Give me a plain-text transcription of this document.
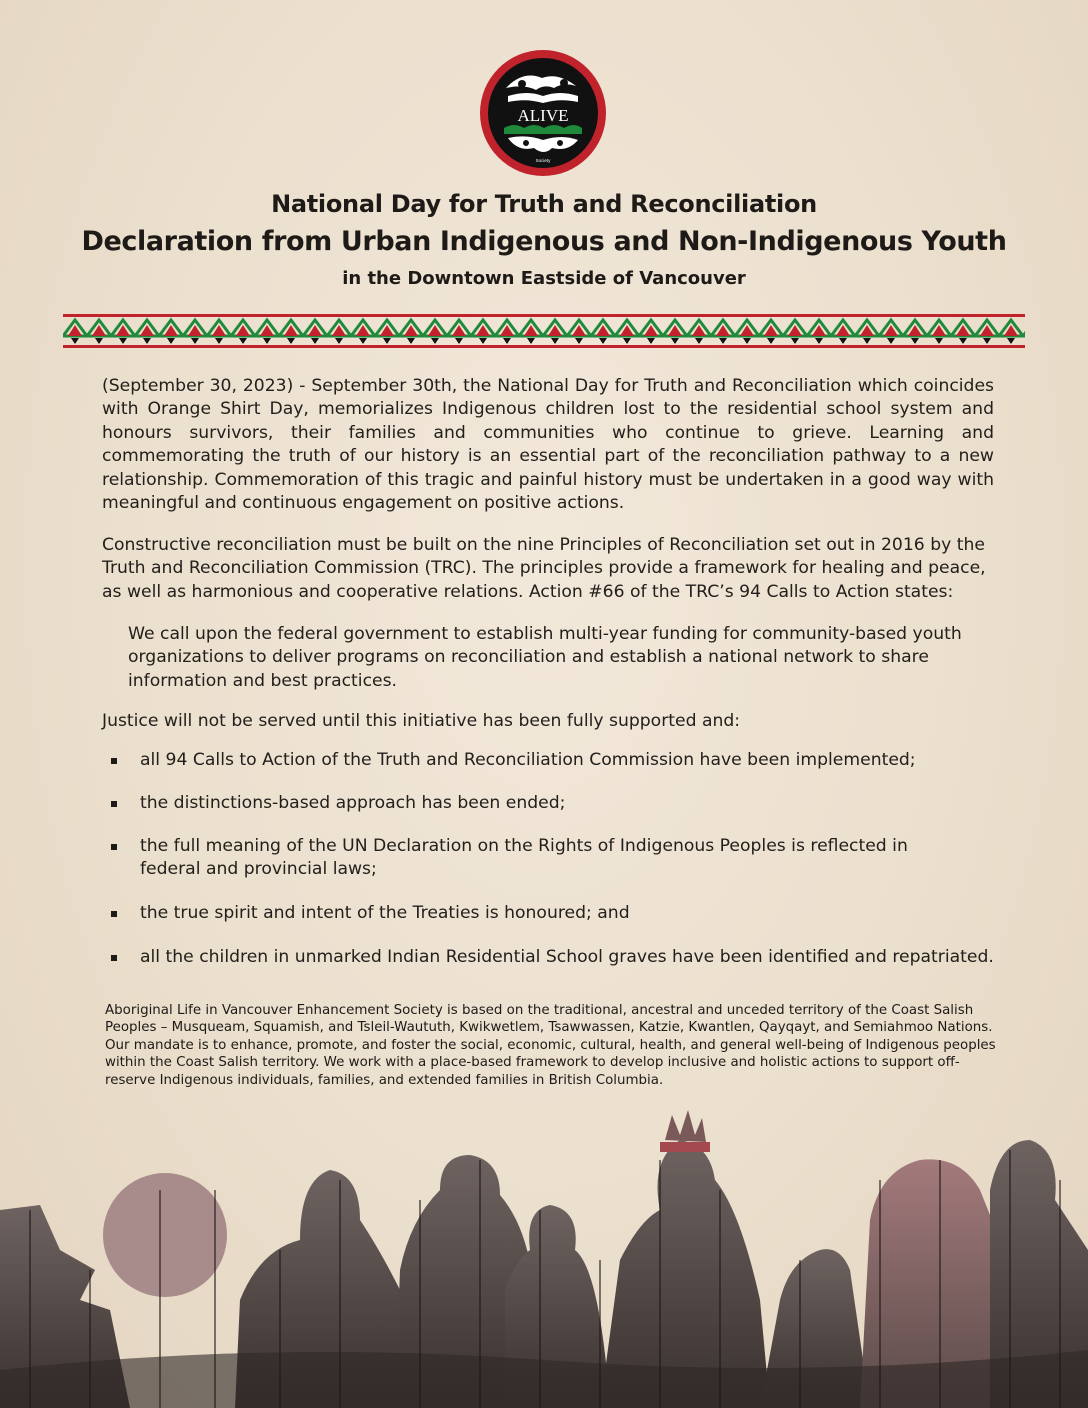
Aboriginal Life in Vancouver Enhancement
ALIVE
Society
National Day for Truth and Reconciliation
Declaration from Urban Indigenous and Non-Indigenous Youth
in the Downtown Eastside of Vancouver
(September 30, 2023) - September 30th, the National Day for Truth and Reconciliation which coincides with Orange Shirt Day, memorializes Indigenous children lost to the residential school system and honours survivors, their families and communities who continue to grieve. Learning and commemorating the truth of our history is an essential part of the reconciliation pathway to a new relationship. Commemoration of this tragic and painful history must be undertaken in a good way with meaningful and continuous engagement on positive actions.
Constructive reconciliation must be built on the nine Principles of Reconciliation set out in 2016 by the Truth and Reconciliation Commission (TRC). The principles provide a framework for healing and peace, as well as harmonious and cooperative relations. Action #66 of the TRC’s 94 Calls to Action states:
We call upon the federal government to establish multi-year funding for community-based youth organizations to deliver programs on reconciliation and establish a national network to share information and best practices.
Justice will not be served until this initiative has been fully supported and:
all 94 Calls to Action of the Truth and Reconciliation Commission have been implemented;
the distinctions-based approach has been ended;
the full meaning of the UN Declaration on the Rights of Indigenous Peoples is reflected in federal and provincial laws;
the true spirit and intent of the Treaties is honoured; and
all the children in unmarked Indian Residential School graves have been identified and repatriated.
Aboriginal Life in Vancouver Enhancement Society is based on the traditional, ancestral and unceded territory of the Coast Salish Peoples – Musqueam, Squamish, and Tsleil-Waututh, Kwikwetlem, Tsawwassen, Katzie, Kwantlen, Qayqayt, and Semiahmoo Nations. Our mandate is to enhance, promote, and foster the social, economic, cultural, health, and general well-being of Indigenous peoples within the Coast Salish territory. We work with a place-based framework to develop inclusive and holistic actions to support off-reserve Indigenous individuals, families, and extended families in British Columbia.
